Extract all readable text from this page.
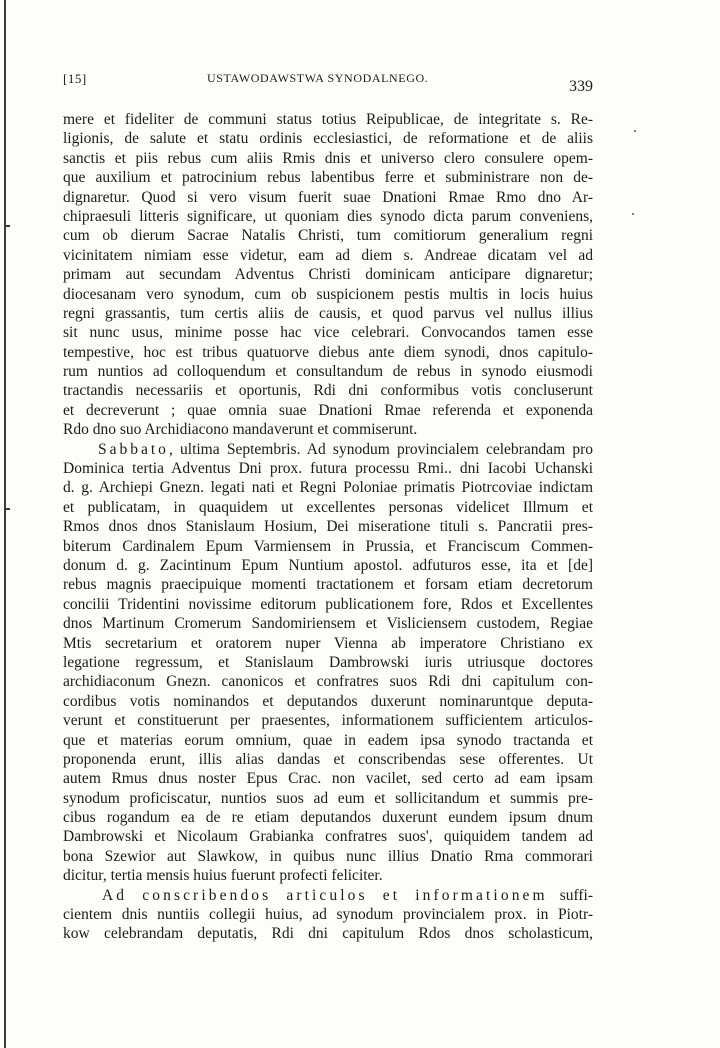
[15]	USTAWODAWSTWA SYNODALNEGO.	339
mere et fideliter de communi status totius Reipublicae, de integritate s. Re-
ligionis, de salute et statu ordinis ecclesiastici, de reformatione et de aliis
sanctis et piis rebus cum aliis Rmis dnis et universo clero consulere opem-
que auxilium et patrocinium rebus labentibus ferre et subministrare non de-
dignaretur. Quod si vero visum fuerit suae Dnationi Rmae Rmo dno Ar-
chipraesuli litteris significare, ut quoniam dies synodo dicta parum conveniens,
cum ob dierum Sacrae Natalis Christi, tum comitiorum generalium regni
vicinitatem nimiam esse videtur, eam ad diem s. Andreae dicatam vel ad
primam aut secundam Adventus Christi dominicam anticipare dignaretur;
diocesanam vero synodum, cum ob suspicionem pestis multis in locis huius
regni grassantis, tum certis aliis de causis, et quod parvus vel nullus illius
sit nunc usus, minime posse hac vice celebrari. Convocandos tamen esse
tempestive, hoc est tribus quatuorve diebus ante diem synodi, dnos capitulo-
rum nuntios ad colloquendum et consultandum de rebus in synodo eiusmodi
tractandis necessariis et oportunis, Rdi dni conformibus votis concluserunt
et decreverunt ; quae omnia suae Dnationi Rmae referenda et exponenda
Rdo dno suo Archidiacono mandaverunt et commiserunt.
Sabbato, ultima Septembris. Ad synodum provincialem celebrandam pro
Dominica tertia Adventus Dni prox. futura processu Rmi.. dni Iacobi Uchanski
d. g. Archiepi Gnezn. legati nati et Regni Poloniae primatis Piotrcoviae indictam
et publicatam, in quaquidem ut excellentes personas videlicet Illmum et
Rmos dnos dnos Stanislaum Hosium, Dei miseratione tituli s. Pancratii pres-
biterum Cardinalem Epum Varmiensem in Prussia, et Franciscum Commen-
donum d. g. Zacintinum Epum Nuntium apostol. adfuturos esse, ita et [de]
rebus magnis praecipuique momenti tractationem et forsam etiam decretorum
concilii Tridentini novissime editorum publicationem fore, Rdos et Excellentes
dnos Martinum Cromerum Sandomiriensem et Visliciensem custodem, Regiae
Mtis secretarium et oratorem nuper Vienna ab imperatore Christiano ex
legatione regressum, et Stanislaum Dambrowski iuris utriusque doctores
archidiaconum Gnezn. canonicos et confratres suos Rdi dni capitulum con-
cordibus votis nominandos et deputandos duxerunt nominaruntque deputa-
verunt et constituerunt per praesentes, informationem sufficientem articulos-
que et materias eorum omnium, quae in eadem ipsa synodo tractanda et
proponenda erunt, illis alias dandas et conscribendas sese offerentes. Ut
autem Rmus dnus noster Epus Crac. non vacilet, sed certo ad eam ipsam
synodum proficiscatur, nuntios suos ad eum et sollicitandum et summis pre-
cibus rogandum ea de re etiam deputandos duxerunt eundem ipsum dnum
Dambrowski et Nicolaum Grabianka confratres suos', quiquidem tandem ad
bona Szewior aut Slawkow, in quibus nunc illius Dnatio Rma commorari
dicitur, tertia mensis huius fuerunt profecti feliciter.
Ad conscribendos articulos et informationem suffi-
cientem dnis nuntiis collegii huius, ad synodum provincialem prox. in Piotr-
kow celebrandam deputatis, Rdi dni capitulum Rdos dnos scholasticum,
